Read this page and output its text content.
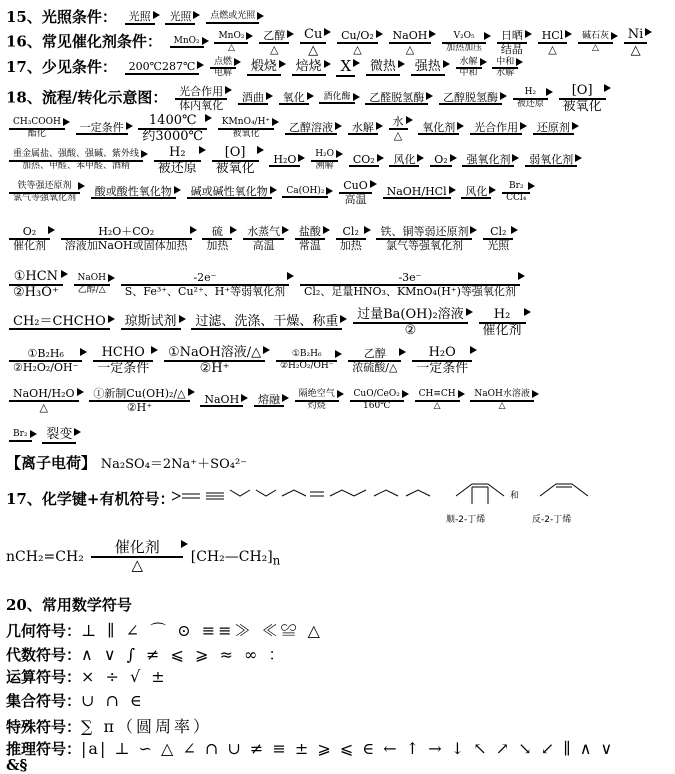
15、光照条件：	光照
	光照
	点燃或光照
16、常见催化剂条件：	MnO₂
	MnO₂
△

乙醇
△

Cu
△

Cu/O₂
△

NaOH
△

V₂O₅
加热加压

日晒
结晶

HCl
△

碱石灰
△

Ni
△
17、少见条件：	200℃287℃
	点燃
电解
	煅烧
	焙烧
X
	微热
	强热
	水解
中和

中和
水解
18、流程/转化示意图：	光合作用
体内氧化

酒曲
	氧化
	酒化酶
	乙醛脱氢酶
	乙醇脱氢酶
	H₂
被还原

[O]
被氧化
CH₃COOH
酯化
	一定条件
	1400℃
约3000℃

KMnO₄/H⁺
被氧化
	乙醇溶液
	水解
	水
△

氧化剂
	光合作用
	还原剂
重金属盐、强酸、强碱、紫外线
加热、甲醛、苯甲醛、酒精

H₂
被还原

[O]
被氧化

H₂O
	H₂O
溯解
	CO₂
	风化
	O₂
	强氧化剂
	弱氧化剂
铁等强还原剂
氯气等强氧化剂
	酸或酸性氧化物
	碱或碱性氧化物
	Ca(OH)₂
	CuO
高温

NaOH/HCl
	风化
	Br₂
CCl₄
O₂
催化剂

H₂O＋CO₂
溶液加NaOH或固体加热

硫
加热

水蒸气
高温

盐酸
常温

Cl₂
加热

铁、铜等弱还原剂
氯气等强氧化剂

Cl₂
光照
①HCN
②H₃O⁺

NaOH
乙醇/△

-2e⁻
S、Fe³⁺、Cu²⁺、H⁺等弱氧化剂

-3e⁻
Cl₂、足量HNO₃、KMnO₄(H⁺)等强氧化剂
CH₂＝CHCHO
	琼斯试剂
	过滤、洗涤、干燥、称重
	过量Ba(OH)₂溶液
②

H₂
催化剂
$\frac{\text{①B₂H₆}}{\text{②H₂O₂/OH⁻}}$
	HCHO
一定条件

①NaOH溶液/△
②H⁺
	$\frac{\text{①B₂H₆}}{\text{②H₂O₂/OH⁻}}$
	乙醇
浓硫酸/△

H₂O
一定条件
NaOH/H₂O
△

①新制Cu(OH)₂/△
②H⁺

NaOH
	熔融
	隔绝空气
灼烧

CuO/CeO₂
160℃

CH≡CH
△

NaOH水溶液
△
Br₂
	裂变
【离子电荷】 Na₂SO₄＝2Na⁺＋SO₄²⁻
17、化学键+有机符号：	和
顺-2-丁烯	反-2-丁烯
nCH₂=CH₂
催化剂
△	$[CH_2—CH_2]_n$
20、常用数学符号
几何符号：⊥ ∥ ∠ ⌒ ⊙ ≡≡≫ ≪≌ △
代数符号：∧ ∨ ∫ ≠ ⩽ ⩾ ≈ ∞ ：
运算符号：× ÷ √ ±
集合符号：∪ ∩ ∈
特殊符号：∑ π（圆周率）
推理符号：|a| ⊥ ∽ △ ∠ ∩ ∪ ≠ ≡ ± ⩾ ⩽ ∈ ← ↑ → ↓ ↖ ↗ ↘ ↙ ∥ ∧ ∨
&§
